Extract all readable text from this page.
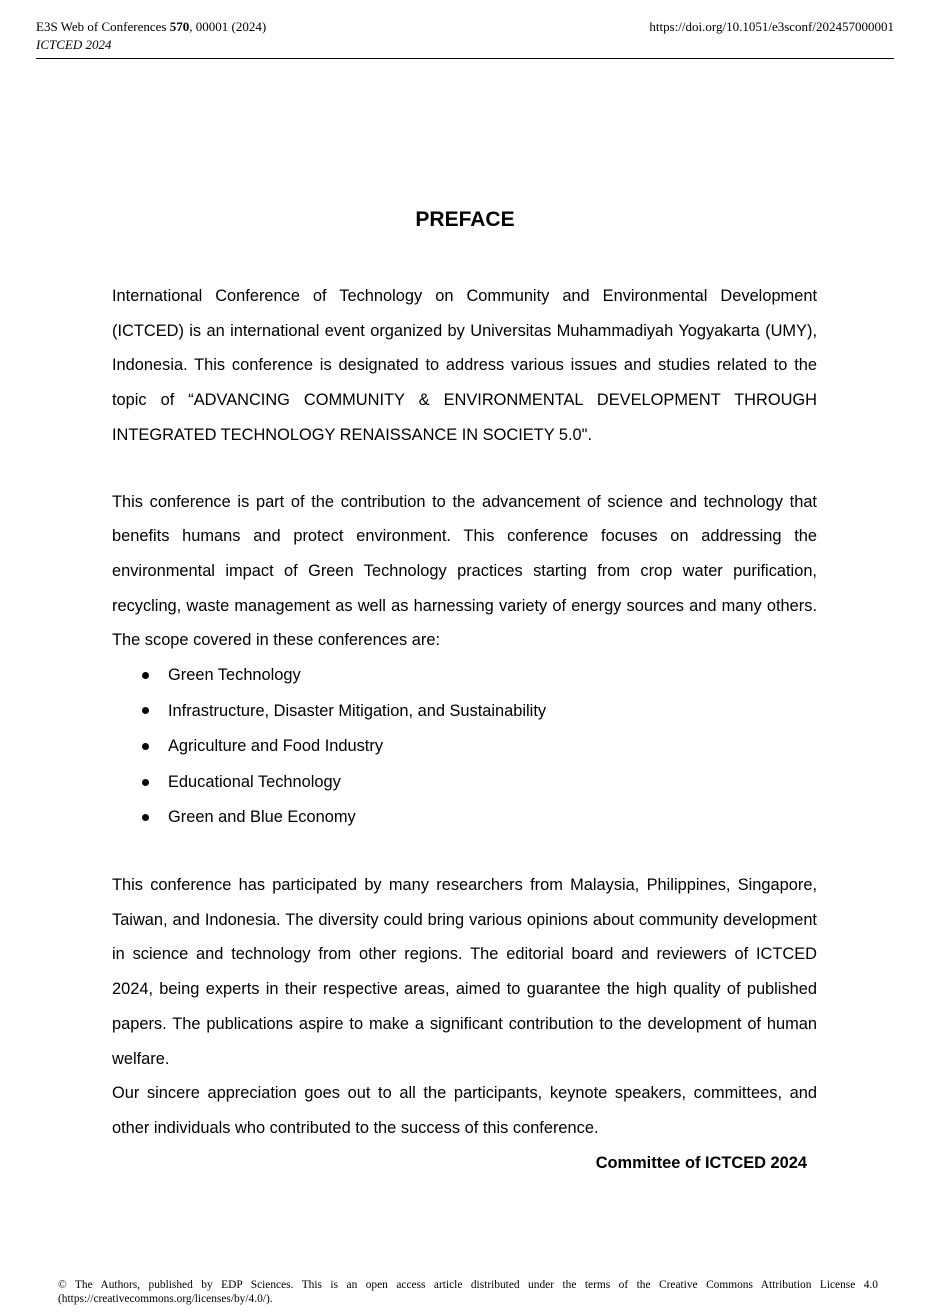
E3S Web of Conferences 570, 00001 (2024)	https://doi.org/10.1051/e3sconf/202457000001
ICTCED 2024
PREFACE

International Conference of Technology on Community and Environmental Development (ICTCED) is an international event organized by Universitas Muhammadiyah Yogyakarta (UMY), Indonesia. This conference is designated to address various issues and studies related to the topic of “ADVANCING COMMUNITY & ENVIRONMENTAL DEVELOPMENT THROUGH INTEGRATED TECHNOLOGY RENAISSANCE IN SOCIETY 5.0".

This conference is part of the contribution to the advancement of science and technology that benefits humans and protect environment. This conference focuses on addressing the environmental impact of Green Technology practices starting from crop water purification, recycling, waste management as well as harnessing variety of energy sources and many others. The scope covered in these conferences are:

Green Technology
Infrastructure, Disaster Mitigation, and Sustainability
Agriculture and Food Industry
Educational Technology
Green and Blue Economy

This conference has participated by many researchers from Malaysia, Philippines, Singapore, Taiwan, and Indonesia. The diversity could bring various opinions about community development in science and technology from other regions. The editorial board and reviewers of ICTCED 2024, being experts in their respective areas, aimed to guarantee the high quality of published papers. The publications aspire to make a significant contribution to the development of human welfare.

Our sincere appreciation goes out to all the participants, keynote speakers, committees, and other individuals who contributed to the success of this conference.

Committee of ICTCED 2024
© The Authors, published by EDP Sciences. This is an open access article distributed under the terms of the Creative Commons Attribution License 4.0 (https://creativecommons.org/licenses/by/4.0/).
